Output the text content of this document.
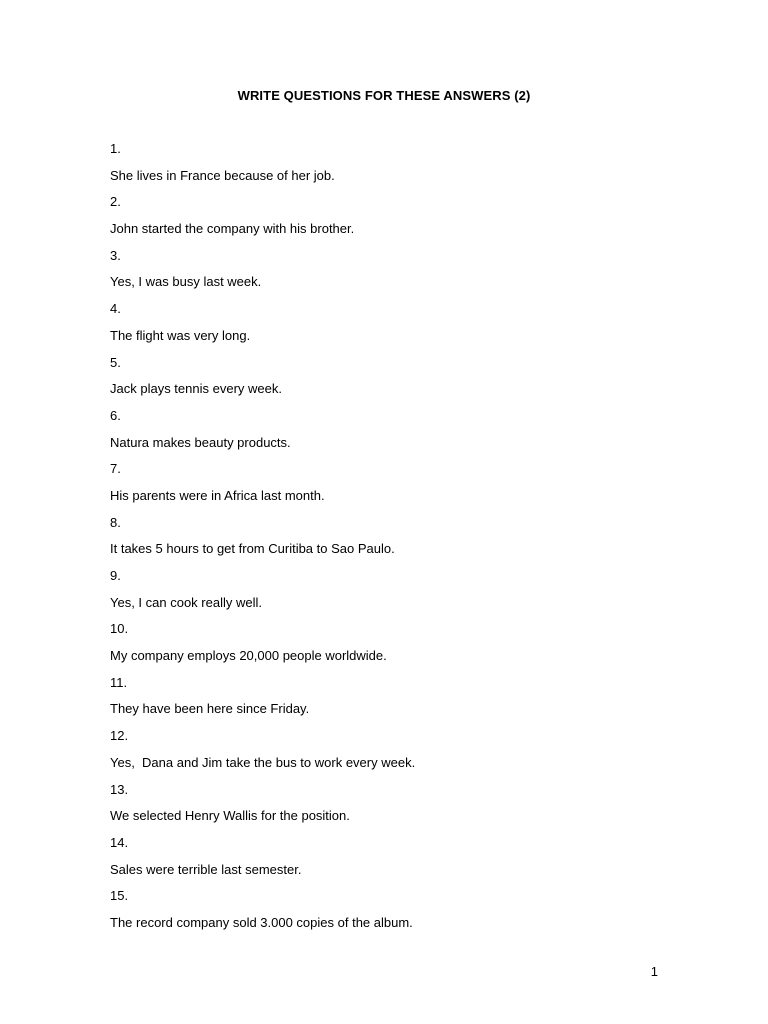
WRITE QUESTIONS FOR THESE ANSWERS (2)
1.
She lives in France because of her job.
2.
John started the company with his brother.
3.
Yes, I was busy last week.
4.
The flight was very long.
5.
Jack plays tennis every week.
6.
Natura makes beauty products.
7.
His parents were in Africa last month.
8.
It takes 5 hours to get from Curitiba to Sao Paulo.
9.
Yes, I can cook really well.
10.
My company employs 20,000 people worldwide.
11.
They have been here since Friday.
12.
Yes,  Dana and Jim take the bus to work every week.
13.
We selected Henry Wallis for the position.
14.
Sales were terrible last semester.
15.
The record company sold 3.000 copies of the album.
1
